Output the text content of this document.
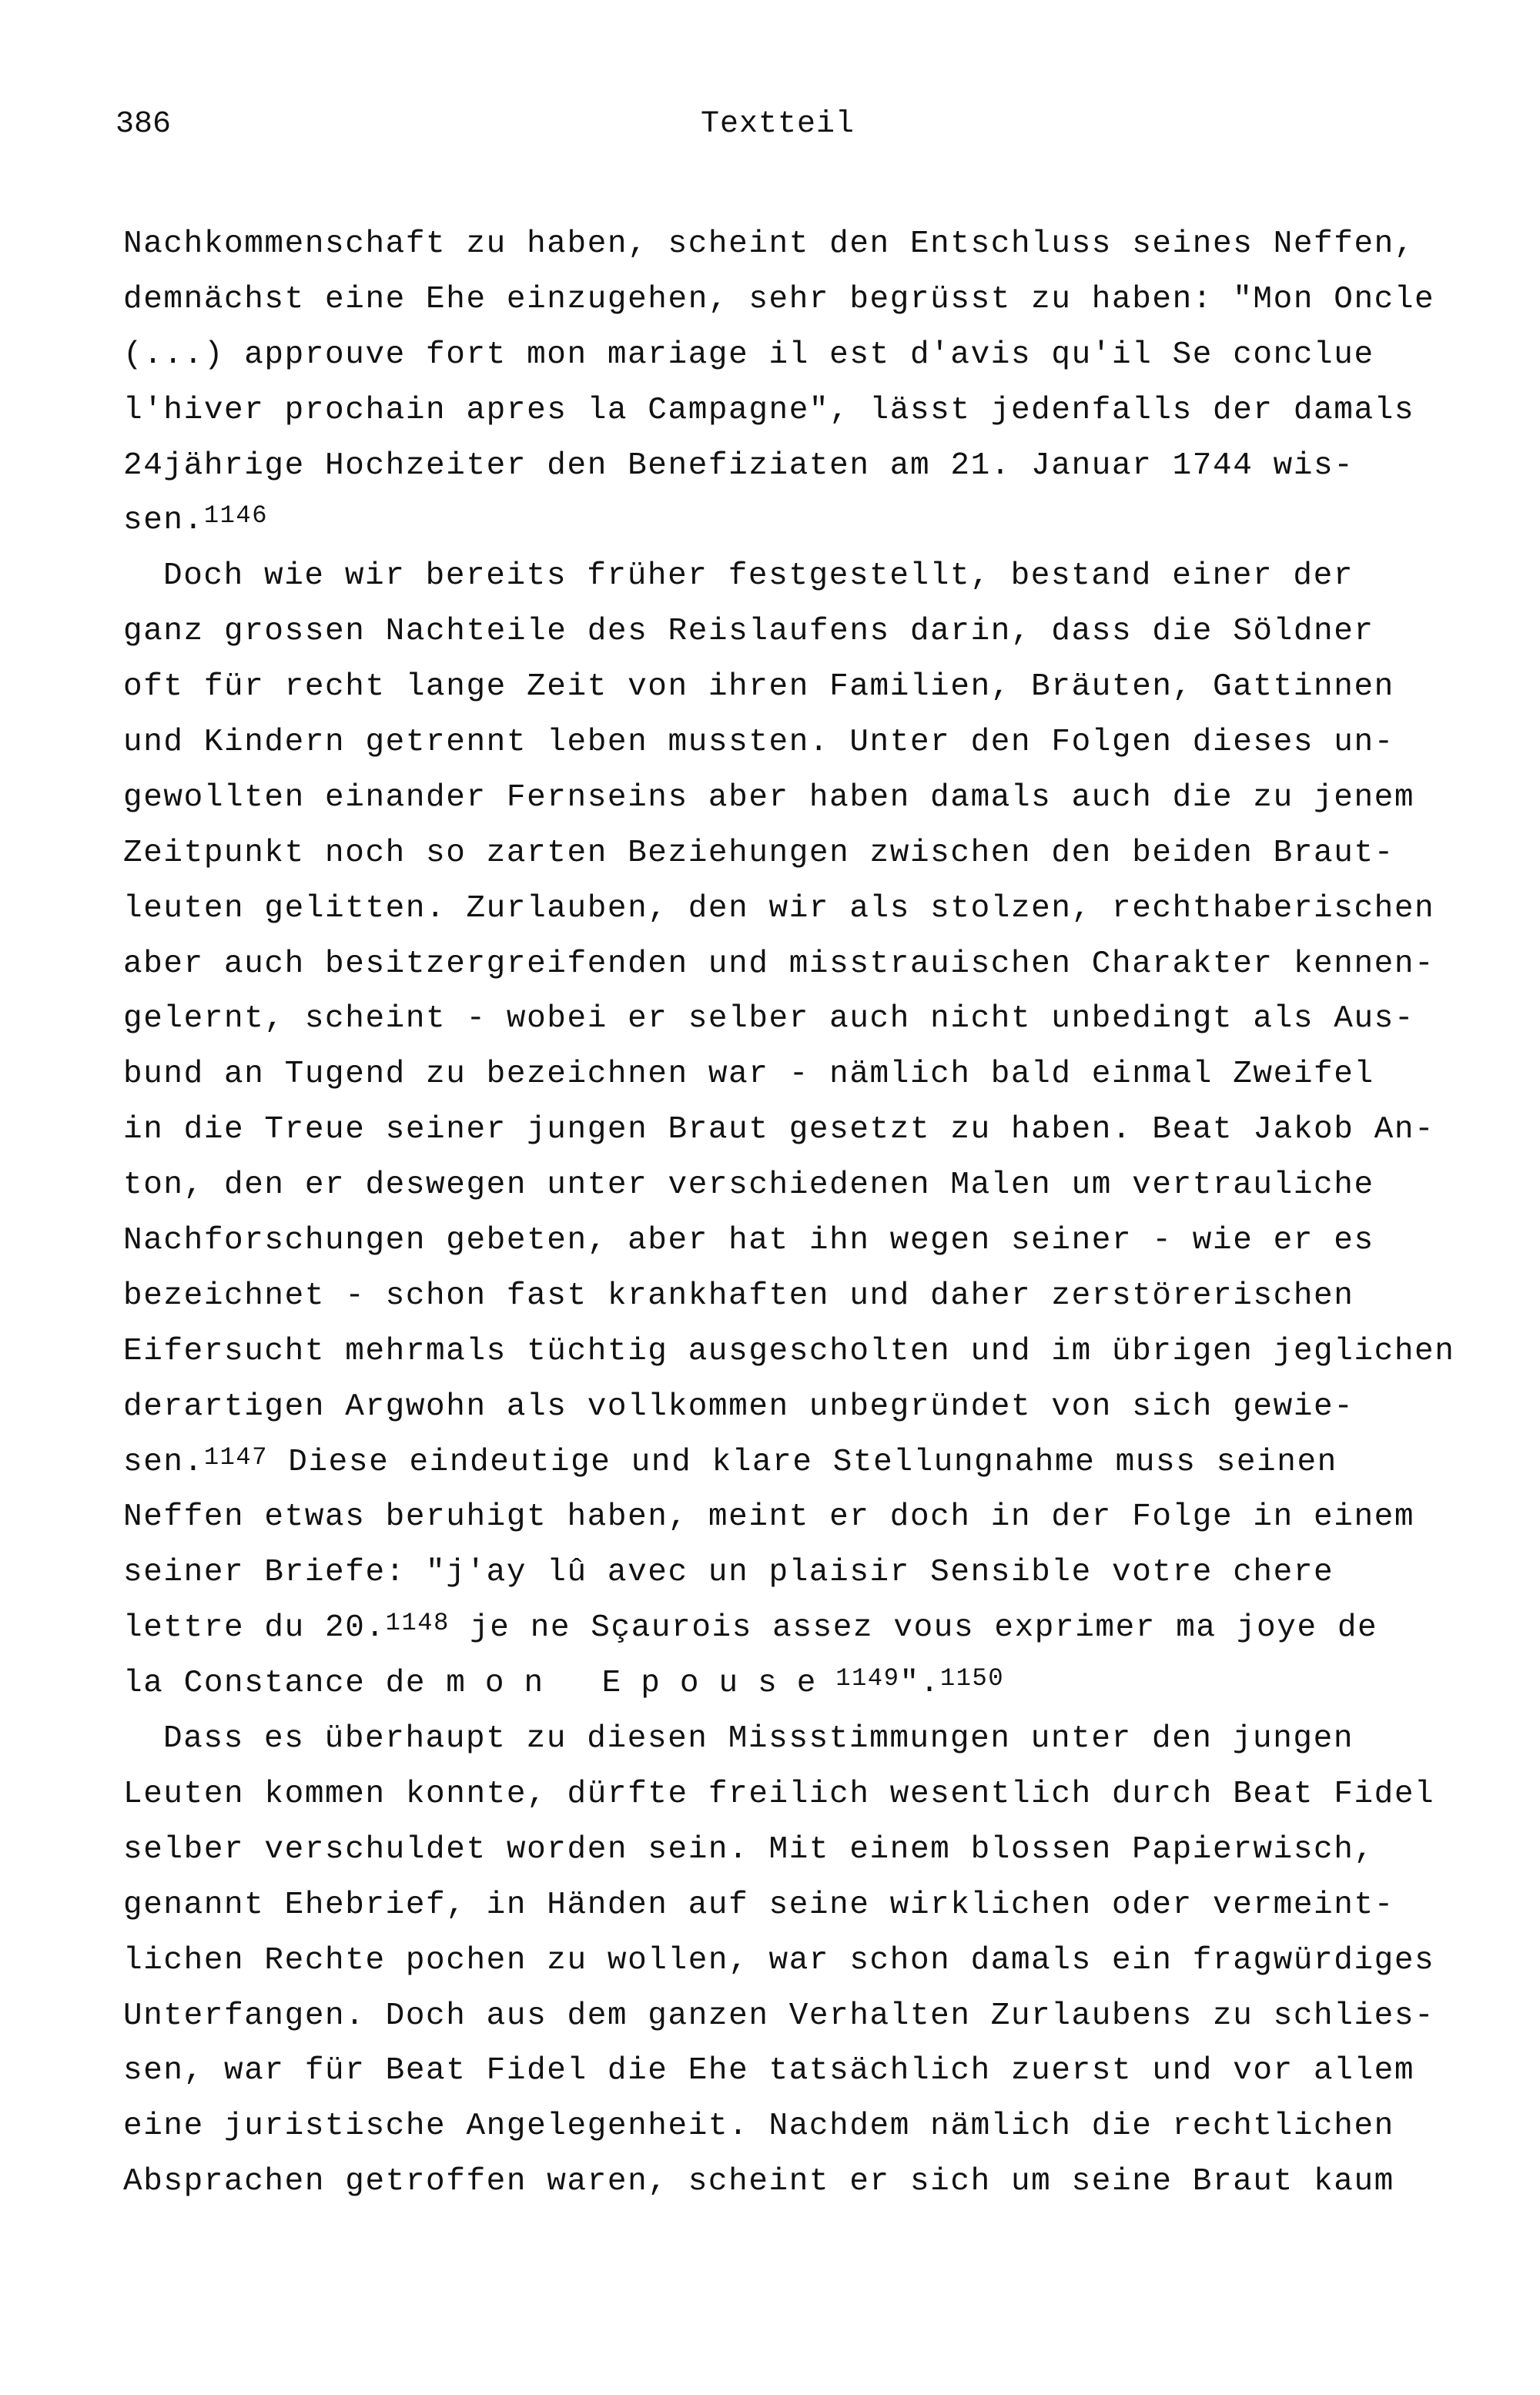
386	Textteil
Nachkommenschaft zu haben, scheint den Entschluss seines Neffen,
demnächst eine Ehe einzugehen, sehr begrüsst zu haben: "Mon Oncle
(...) approuve fort mon mariage il est d'avis qu'il Se conclue
l'hiver prochain apres la Campagne", lässt jedenfalls der damals
24jährige Hochzeiter den Benefiziaten am 21. Januar 1744 wis-
sen.$^{1146}$
Doch wie wir bereits früher festgestellt, bestand einer der
ganz grossen Nachteile des Reislaufens darin, dass die Söldner
oft für recht lange Zeit von ihren Familien, Bräuten, Gattinnen
und Kindern getrennt leben mussten. Unter den Folgen dieses un-
gewollten einander Fernseins aber haben damals auch die zu jenem
Zeitpunkt noch so zarten Beziehungen zwischen den beiden Braut-
leuten gelitten. Zurlauben, den wir als stolzen, rechthaberischen
aber auch besitzergreifenden und misstrauischen Charakter kennen-
gelernt, scheint - wobei er selber auch nicht unbedingt als Aus-
bund an Tugend zu bezeichnen war - nämlich bald einmal Zweifel
in die Treue seiner jungen Braut gesetzt zu haben. Beat Jakob An-
ton, den er deswegen unter verschiedenen Malen um vertrauliche
Nachforschungen gebeten, aber hat ihn wegen seiner - wie er es
bezeichnet - schon fast krankhaften und daher zerstörerischen
Eifersucht mehrmals tüchtig ausgescholten und im übrigen jeglichen
derartigen Argwohn als vollkommen unbegründet von sich gewie-
sen.$^{1147}$ Diese eindeutige und klare Stellungnahme muss seinen
Neffen etwas beruhigt haben, meint er doch in der Folge in einem
seiner Briefe: "j'ay lû avec un plaisir Sensible votre chere
lettre du 20.$^{1148}$ je ne Sçaurois assez vous exprimer ma joye de
la Constance de mon Epouse$^{1149}$".$^{1150}$
Dass es überhaupt zu diesen Missstimmungen unter den jungen
Leuten kommen konnte, dürfte freilich wesentlich durch Beat Fidel
selber verschuldet worden sein. Mit einem blossen Papierwisch,
genannt Ehebrief, in Händen auf seine wirklichen oder vermeint-
lichen Rechte pochen zu wollen, war schon damals ein fragwürdiges
Unterfangen. Doch aus dem ganzen Verhalten Zurlaubens zu schlies-
sen, war für Beat Fidel die Ehe tatsächlich zuerst und vor allem
eine juristische Angelegenheit. Nachdem nämlich die rechtlichen
Absprachen getroffen waren, scheint er sich um seine Braut kaum
